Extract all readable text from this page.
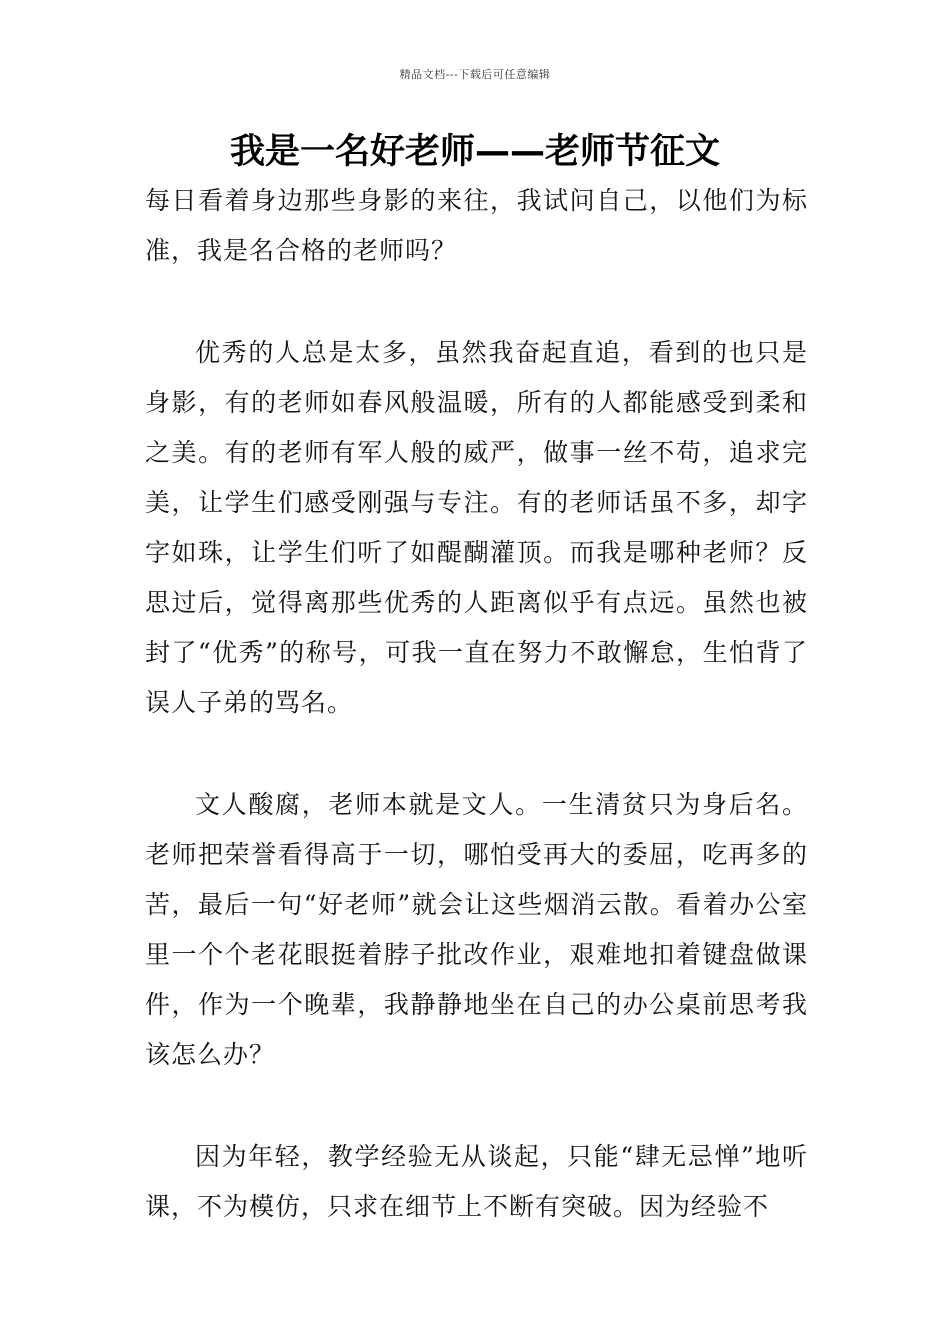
精品文档---下载后可任意编辑
我是一名好老师——老师节征文

每日看着身边那些身影的来往，我试问自己，以他们为标准，我是名合格的老师吗？

优秀的人总是太多，虽然我奋起直追，看到的也只是身影，有的老师如春风般温暖，所有的人都能感受到柔和之美。有的老师有军人般的威严，做事一丝不苟，追求完美，让学生们感受刚强与专注。有的老师话虽不多，却字字如珠，让学生们听了如醍醐灌顶。而我是哪种老师？反思过后，觉得离那些优秀的人距离似乎有点远。虽然也被封了“优秀”的称号，可我一直在努力不敢懈怠，生怕背了误人子弟的骂名。

文人酸腐，老师本就是文人。一生清贫只为身后名。老师把荣誉看得高于一切，哪怕受再大的委屈，吃再多的苦，最后一句“好老师”就会让这些烟消云散。看着办公室里一个个老花眼挺着脖子批改作业，艰难地扣着键盘做课件，作为一个晚辈，我静静地坐在自己的办公桌前思考我该怎么办？

因为年轻，教学经验无从谈起，只能“肆无忌惮”地听课，不为模仿，只求在细节上不断有突破。因为经验不
